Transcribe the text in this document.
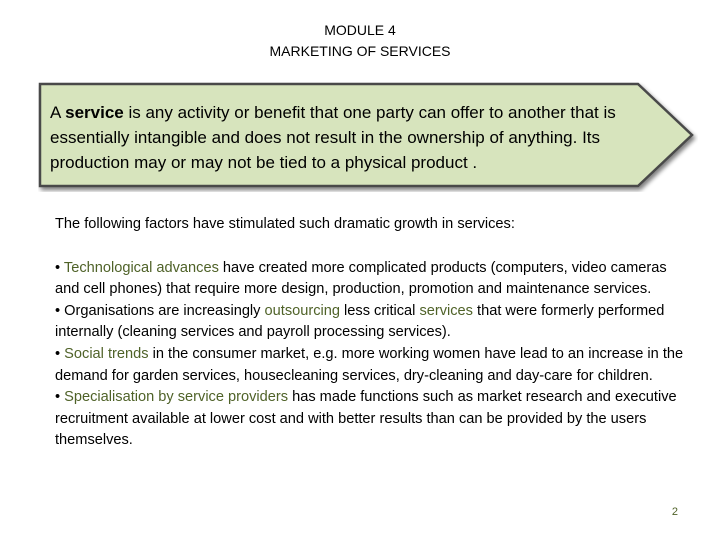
MODULE 4
MARKETING OF SERVICES
A service is any activity or benefit that one party can offer to another that is essentially intangible and does not result in the ownership of anything. Its production may or may not be tied to a physical product .

The following factors have stimulated such dramatic growth in services:

• Technological advances have created more complicated products (computers, video cameras and cell phones) that require more design, production, promotion and maintenance services.

• Organisations are increasingly outsourcing less critical services that were formerly performed internally (cleaning services and payroll processing services).

• Social trends in the consumer market, e.g. more working women have lead to an increase in the demand for garden services, housecleaning services, dry-cleaning and day-care for children.

• Specialisation by service providers has made functions such as market research and executive recruitment available at lower cost and with better results than can be provided by the users themselves.

2
